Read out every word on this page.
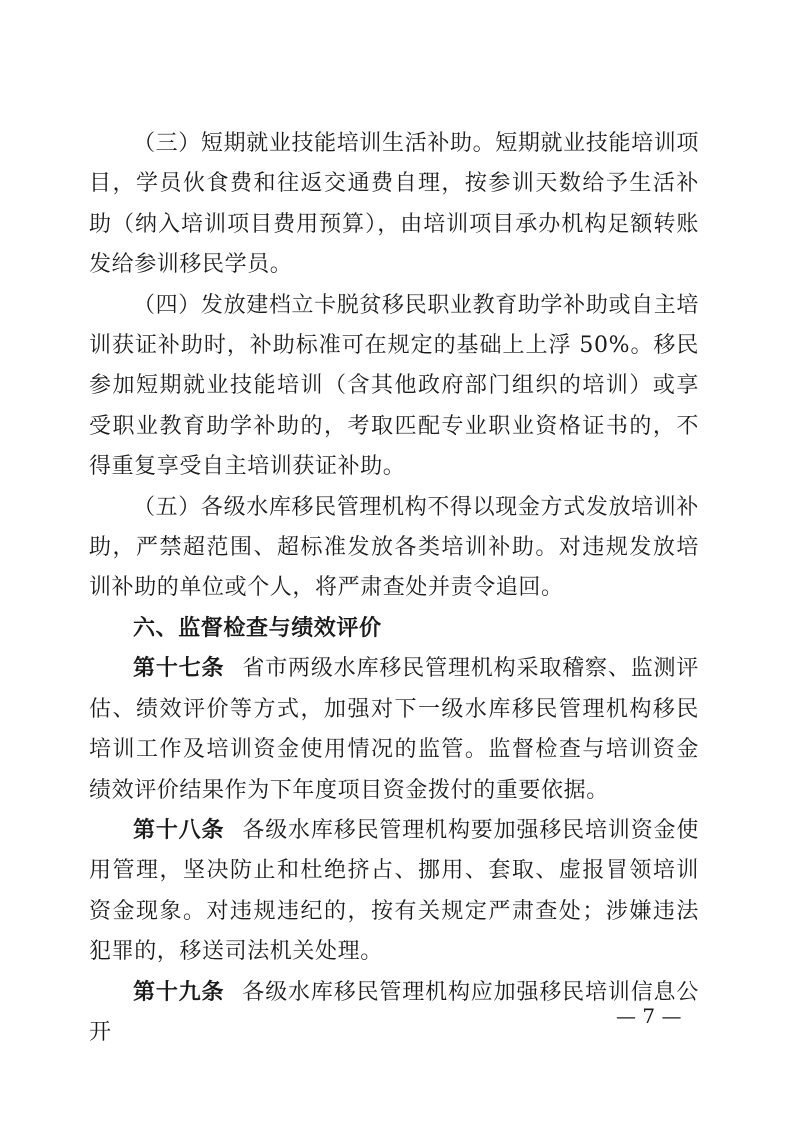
（三）短期就业技能培训生活补助。短期就业技能培训项目，学员伙食费和往返交通费自理，按参训天数给予生活补助（纳入培训项目费用预算），由培训项目承办机构足额转账发给参训移民学员。

（四）发放建档立卡脱贫移民职业教育助学补助或自主培训获证补助时，补助标准可在规定的基础上上浮 50%。移民参加短期就业技能培训（含其他政府部门组织的培训）或享受职业教育助学补助的，考取匹配专业职业资格证书的，不得重复享受自主培训获证补助。

（五）各级水库移民管理机构不得以现金方式发放培训补助，严禁超范围、超标准发放各类培训补助。对违规发放培训补助的单位或个人，将严肃查处并责令追回。

六、监督检查与绩效评价

第十七条 省市两级水库移民管理机构采取稽察、监测评估、绩效评价等方式，加强对下一级水库移民管理机构移民培训工作及培训资金使用情况的监管。监督检查与培训资金绩效评价结果作为下年度项目资金拨付的重要依据。

第十八条 各级水库移民管理机构要加强移民培训资金使用管理，坚决防止和杜绝挤占、挪用、套取、虚报冒领培训资金现象。对违规违纪的，按有关规定严肃查处；涉嫌违法犯罪的，移送司法机关处理。

第十九条 各级水库移民管理机构应加强移民培训信息公开

— 7 —
